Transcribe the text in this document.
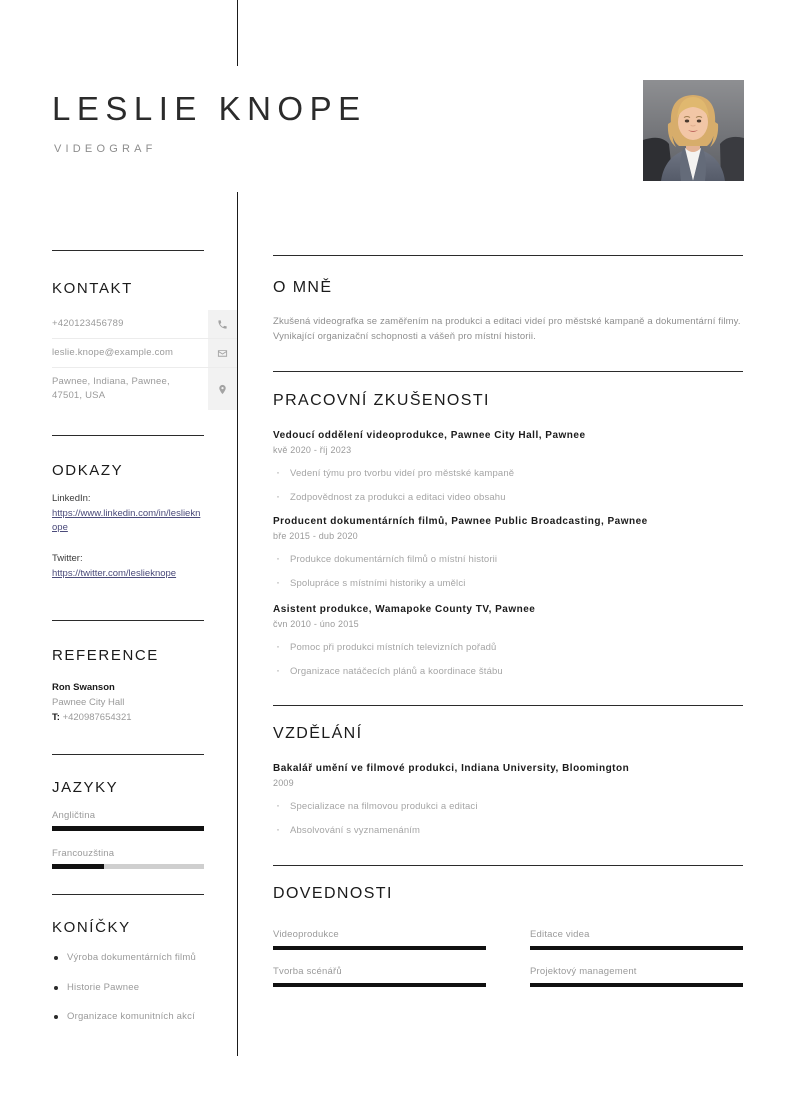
LESLIE KNOPE
VIDEOGRAF
KONTAKT
+420123456789
leslie.knope@example.com
Pawnee, Indiana, Pawnee, 47501, USA
ODKAZY
LinkedIn:
https://www.linkedin.com/in/leslieknope
Twitter:
https://twitter.com/leslieknope
REFERENCE
Ron Swanson
Pawnee City Hall
T: +420987654321
JAZYKY
Angličtina
Francouzština
KONÍČKY
Výroba dokumentárních filmů
Historie Pawnee
Organizace komunitních akcí
O MNĚ
Zkušená videografka se zaměřením na produkci a editaci videí pro městské kampaně a dokumentární filmy. Vynikající organizační schopnosti a vášeň pro místní historii.
PRACOVNÍ ZKUŠENOSTI
Vedoucí oddělení videoprodukce, Pawnee City Hall, Pawnee
kvě 2020 - říj 2023
· Vedení týmu pro tvorbu videí pro městské kampaně
· Zodpovědnost za produkci a editaci video obsahu
Producent dokumentárních filmů, Pawnee Public Broadcasting, Pawnee
bře 2015 - dub 2020
· Produkce dokumentárních filmů o místní historii
· Spolupráce s místními historiky a umělci
Asistent produkce, Wamapoke County TV, Pawnee
čvn 2010 - úno 2015
· Pomoc při produkci místních televizních pořadů
· Organizace natáčecích plánů a koordinace štábu
VZDĚLÁNÍ
Bakalář umění ve filmové produkci, Indiana University, Bloomington
2009
· Specializace na filmovou produkci a editaci
· Absolvování s vyznamenáním
DOVEDNOSTI
Videoprodukce	Editace videa
Tvorba scénářů	Projektový management
